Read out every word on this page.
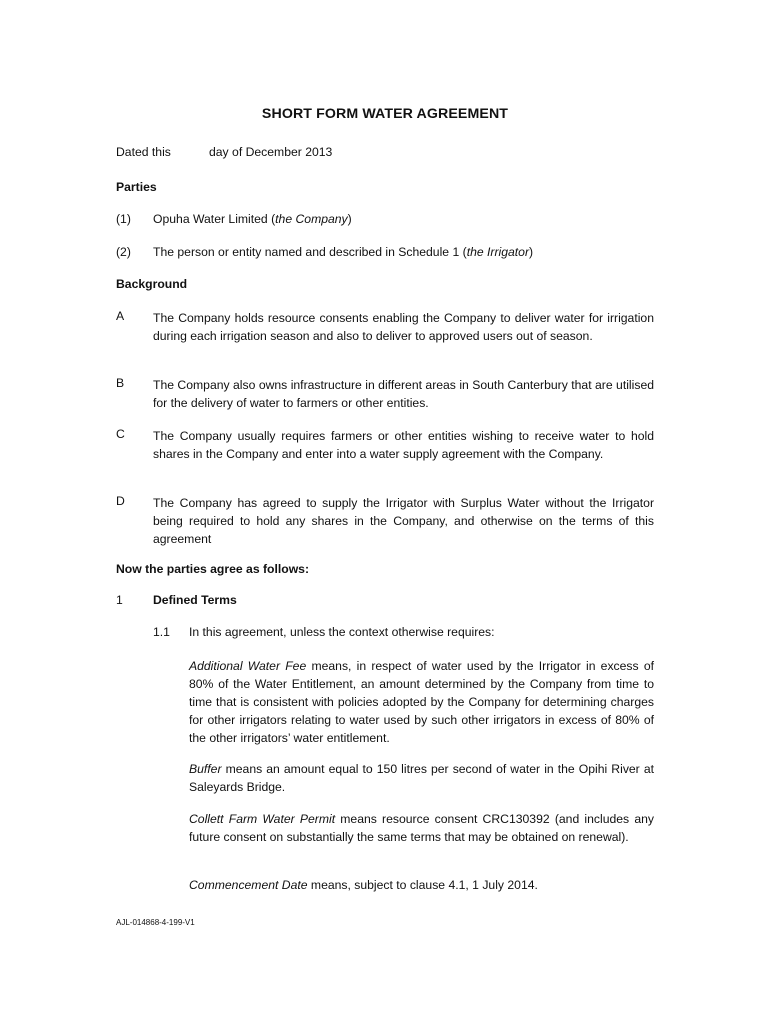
SHORT FORM WATER AGREEMENT
Dated this	day of December 2013
Parties
(1) Opuha Water Limited (the Company)
(2) The person or entity named and described in Schedule 1 (the Irrigator)
Background
A The Company holds resource consents enabling the Company to deliver water for irrigation during each irrigation season and also to deliver to approved users out of season.
B The Company also owns infrastructure in different areas in South Canterbury that are utilised for the delivery of water to farmers or other entities.
C The Company usually requires farmers or other entities wishing to receive water to hold shares in the Company and enter into a water supply agreement with the Company.
D The Company has agreed to supply the Irrigator with Surplus Water without the Irrigator being required to hold any shares in the Company, and otherwise on the terms of this agreement
Now the parties agree as follows:
1 Defined Terms
1.1 In this agreement, unless the context otherwise requires:
Additional Water Fee means, in respect of water used by the Irrigator in excess of 80% of the Water Entitlement, an amount determined by the Company from time to time that is consistent with policies adopted by the Company for determining charges for other irrigators relating to water used by such other irrigators in excess of 80% of the other irrigators’ water entitlement.
Buffer means an amount equal to 150 litres per second of water in the Opihi River at Saleyards Bridge.
Collett Farm Water Permit means resource consent CRC130392 (and includes any future consent on substantially the same terms that may be obtained on renewal).
Commencement Date means, subject to clause 4.1, 1 July 2014.
AJL-014868-4-199-V1
